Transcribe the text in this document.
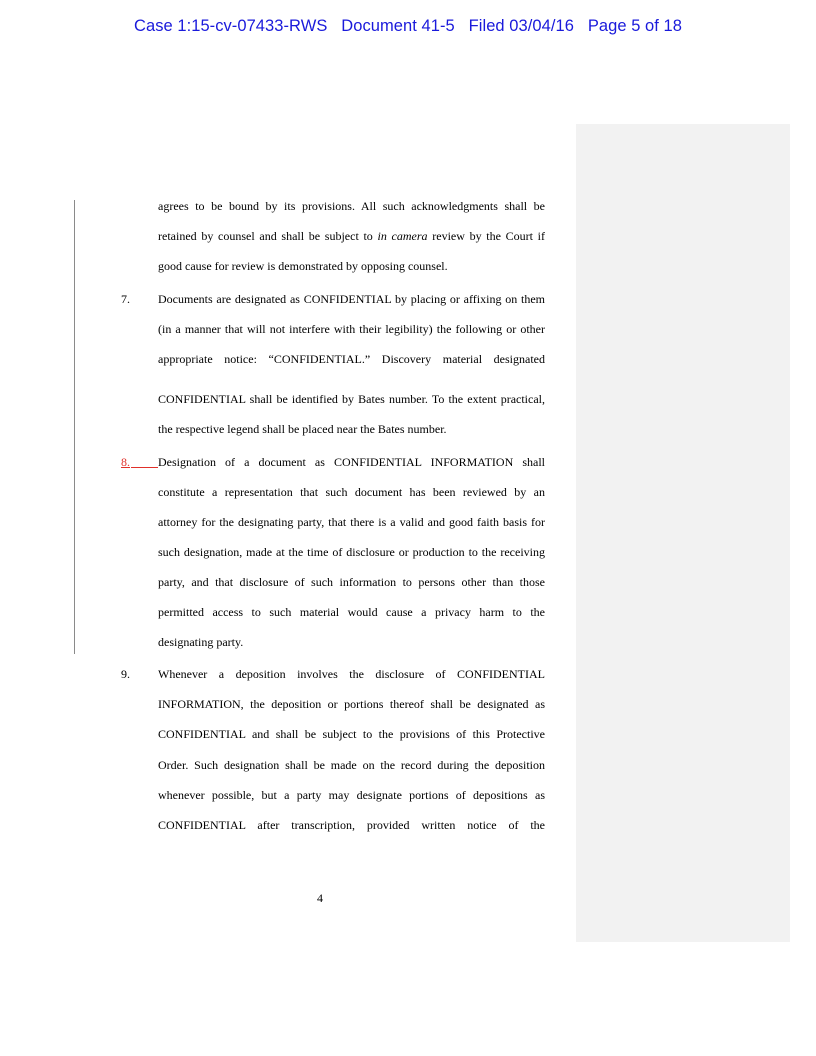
Case 1:15-cv-07433-RWS   Document 41-5   Filed 03/04/16   Page 5 of 18
agrees to be bound by its provisions. All such acknowledgments shall be
retained by counsel and shall be subject to in camera review by the Court if
good cause for review is demonstrated by opposing counsel.
7. Documents are designated as CONFIDENTIAL by placing or affixing on them
(in a manner that will not interfere with their legibility) the following or other
appropriate notice: “CONFIDENTIAL.” Discovery material designated
CONFIDENTIAL shall be identified by Bates number. To the extent practical,
the respective legend shall be placed near the Bates number.
8.	Designation of a document as CONFIDENTIAL INFORMATION shall
constitute a representation that such document has been reviewed by an
attorney for the designating party, that there is a valid and good faith basis for
such designation, made at the time of disclosure or production to the receiving
party, and that disclosure of such information to persons other than those
permitted access to such material would cause a privacy harm to the
designating party.
9. Whenever a deposition involves the disclosure of CONFIDENTIAL
INFORMATION, the deposition or portions thereof shall be designated as
CONFIDENTIAL and shall be subject to the provisions of this Protective
Order. Such designation shall be made on the record during the deposition
whenever possible, but a party may designate portions of depositions as
CONFIDENTIAL after transcription, provided written notice of the
4
